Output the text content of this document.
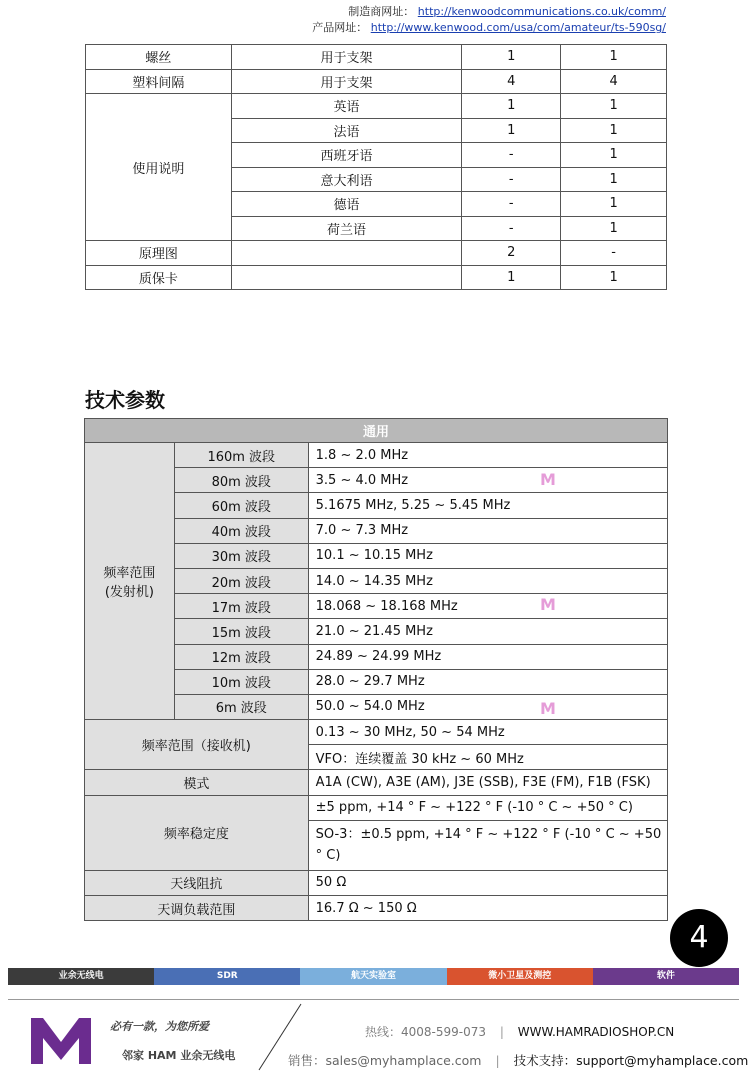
制造商网址： http://kenwoodcommunications.co.uk/comm/
产品网址： http://www.kenwood.com/usa/com/amateur/ts-590sg/
螺丝	用于支架	1	1
塑料间隔	用于支架	4	4
使用说明	英语	1	1
	法语	1	1
	西班牙语	-	1
	意大利语	-	1
	德语	-	1
	荷兰语	-	1
原理图		2	-
质保卡		1	1
技术参数
通用		
频率范围
(发射机)	160m 波段	1.8 ~ 2.0 MHz
	80m 波段	3.5 ~ 4.0 MHz
	60m 波段	5.1675 MHz, 5.25 ~ 5.45 MHz
	40m 波段	7.0 ~ 7.3 MHz
	30m 波段	10.1 ~ 10.15 MHz
	20m 波段	14.0 ~ 14.35 MHz
	17m 波段	18.068 ~ 18.168 MHz
	15m 波段	21.0 ~ 21.45 MHz
	12m 波段	24.89 ~ 24.99 MHz
	10m 波段	28.0 ~ 29.7 MHz
	6m 波段	50.0 ~ 54.0 MHz
频率范围（接收机)		0.13 ~ 30 MHz, 50 ~ 54 MHz
		VFO：连续覆盖 30 kHz ~ 60 MHz
模式		A1A (CW), A3E (AM), J3E (SSB), F3E (FM), F1B (FSK)
频率稳定度		±5 ppm, +14 ° F ~ +122 ° F (-10 ° C ~ +50 ° C)
		SO-3：±0.5 ppm, +14 ° F ~ +122 ° F (-10 ° C ~ +50 ° C)
天线阻抗		50 Ω
天调负载范围		16.7 Ω ~ 150 Ω
M
M
M
4
业余无线电	SDR	航天实验室	微小卫星及测控	软件
必有一款，为您所爱
邻家 HAM 业余无线电
热线：4008-599-073 | WWW.HAMRADIOSHOP.CN
销售：sales@myhamplace.com | 技术支持：support@myhamplace.com
